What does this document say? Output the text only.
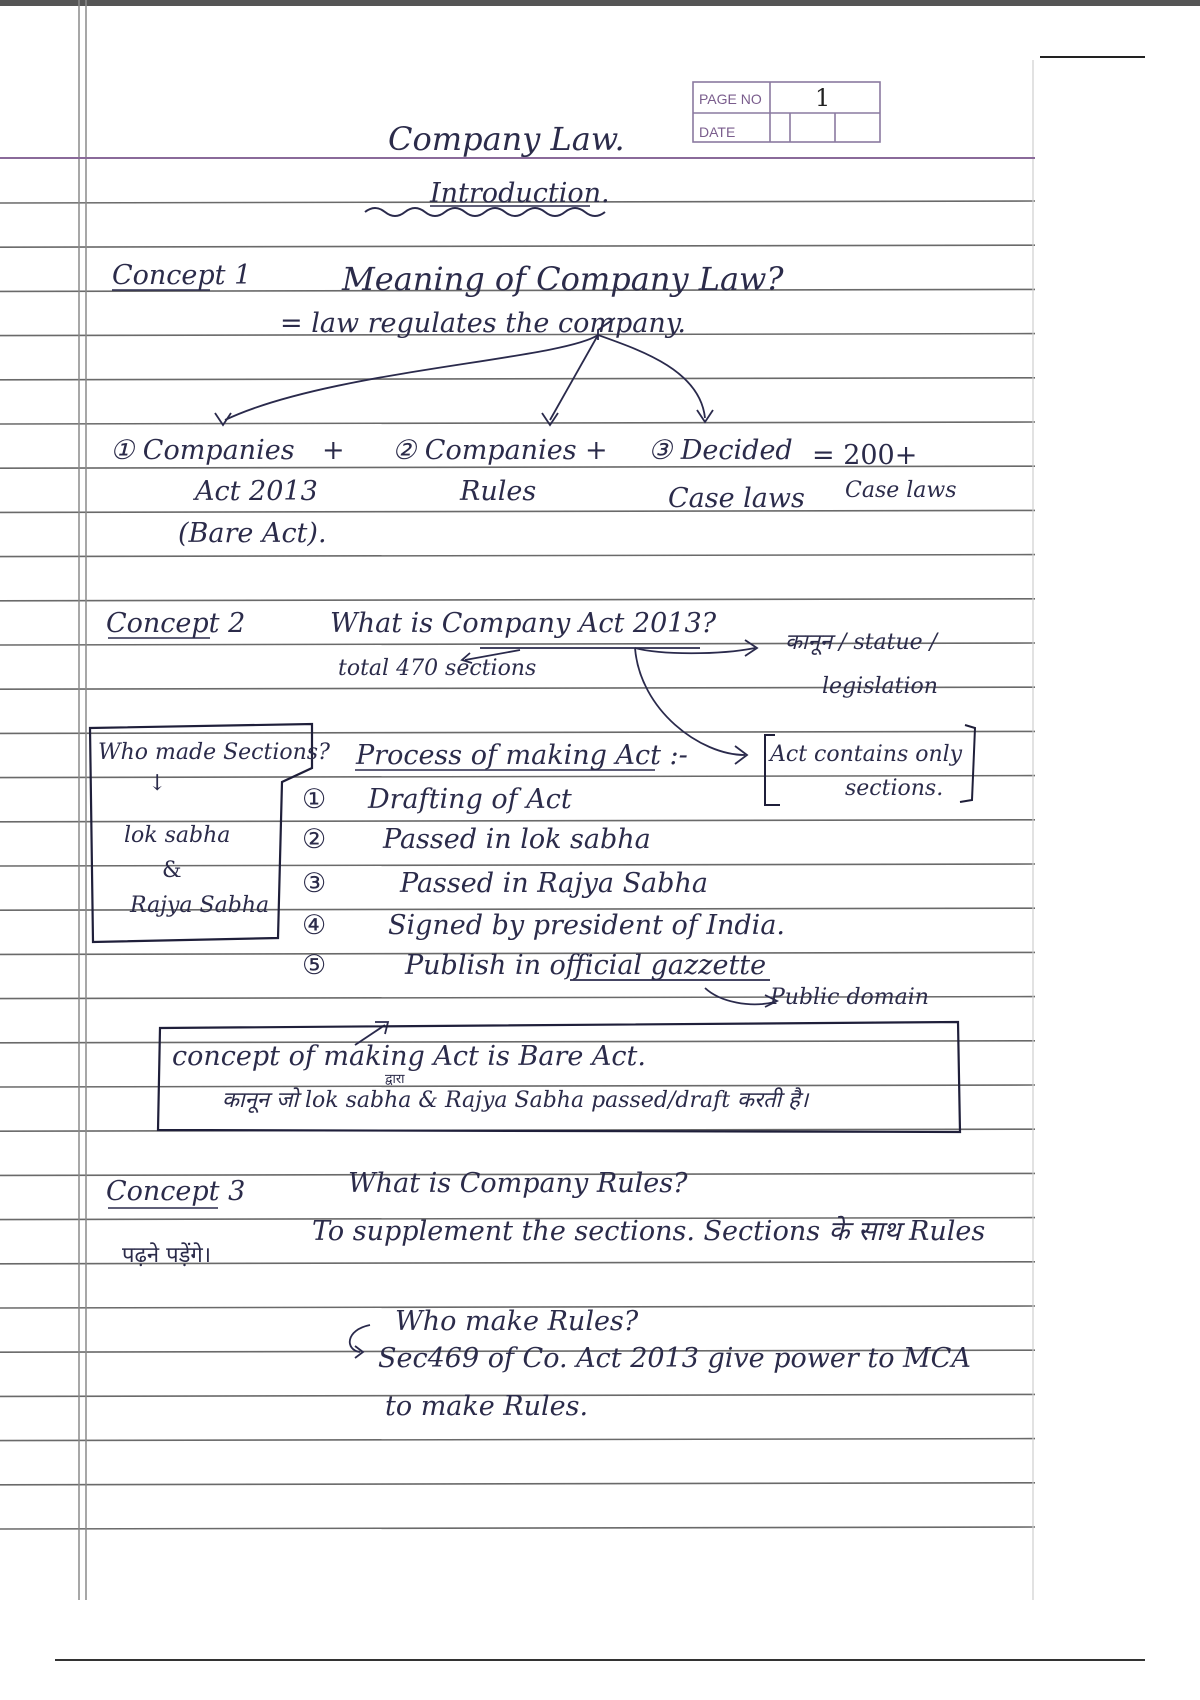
PAGE NO 1
DATE
Company Law.
Introduction.
Concept 1	Meaning of Company Law?
= law regulates the company.
① Companies +
Act 2013
(Bare Act).
② Companies +
Rules
③ Decided
Case laws
= 200+
Case laws
Concept 2	What is Company Act 2013?
total 470 sections
कानून / statue /
legislation
Who made Sections?
↓
lok sabha
&
Rajya Sabha
Process of making Act :-
① Drafting of Act
② Passed in lok sabha
③	Passed in Rajya Sabha
④ Signed by president of India.
⑤	Publish in official gazzette
Public domain
Act contains only
sections.
concept of making Act is Bare Act.
द्वारा
कानून जो lok sabha & Rajya Sabha passed/draft करती है।
Concept 3	What is Company Rules?
To supplement the sections. Sections के साथ Rules
पढ़ने पड़ेंगे।
Who make Rules?
Sec469 of Co. Act 2013 give power to MCA
to make Rules.
